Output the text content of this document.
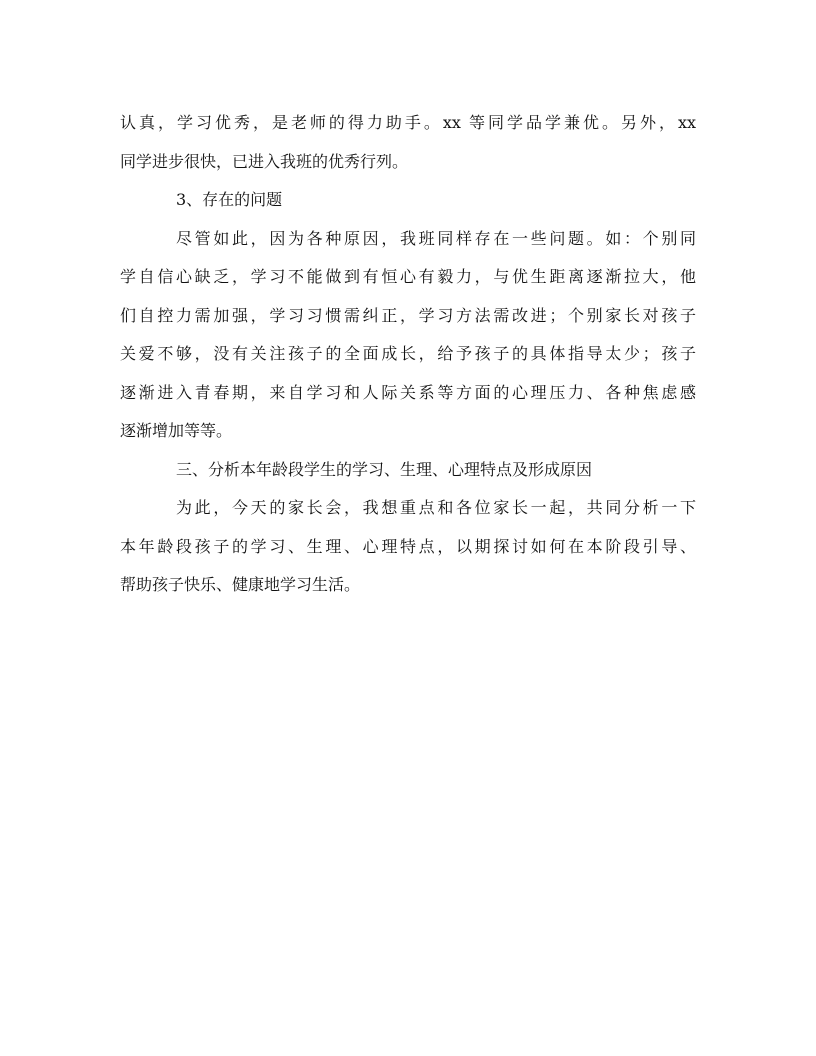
认真，学习优秀，是老师的得力助手。xx 等同学品学兼优。另外，xx
同学进步很快，已进入我班的优秀行列。
3、存在的问题
尽管如此，因为各种原因，我班同样存在一些问题。如：个别同
学自信心缺乏，学习不能做到有恒心有毅力，与优生距离逐渐拉大，他
们自控力需加强，学习习惯需纠正，学习方法需改进；个别家长对孩子
关爱不够，没有关注孩子的全面成长，给予孩子的具体指导太少；孩子
逐渐进入青春期，来自学习和人际关系等方面的心理压力、各种焦虑感
逐渐增加等等。
三、分析本年龄段学生的学习、生理、心理特点及形成原因
为此，今天的家长会，我想重点和各位家长一起，共同分析一下
本年龄段孩子的学习、生理、心理特点，以期探讨如何在本阶段引导、
帮助孩子快乐、健康地学习生活。
